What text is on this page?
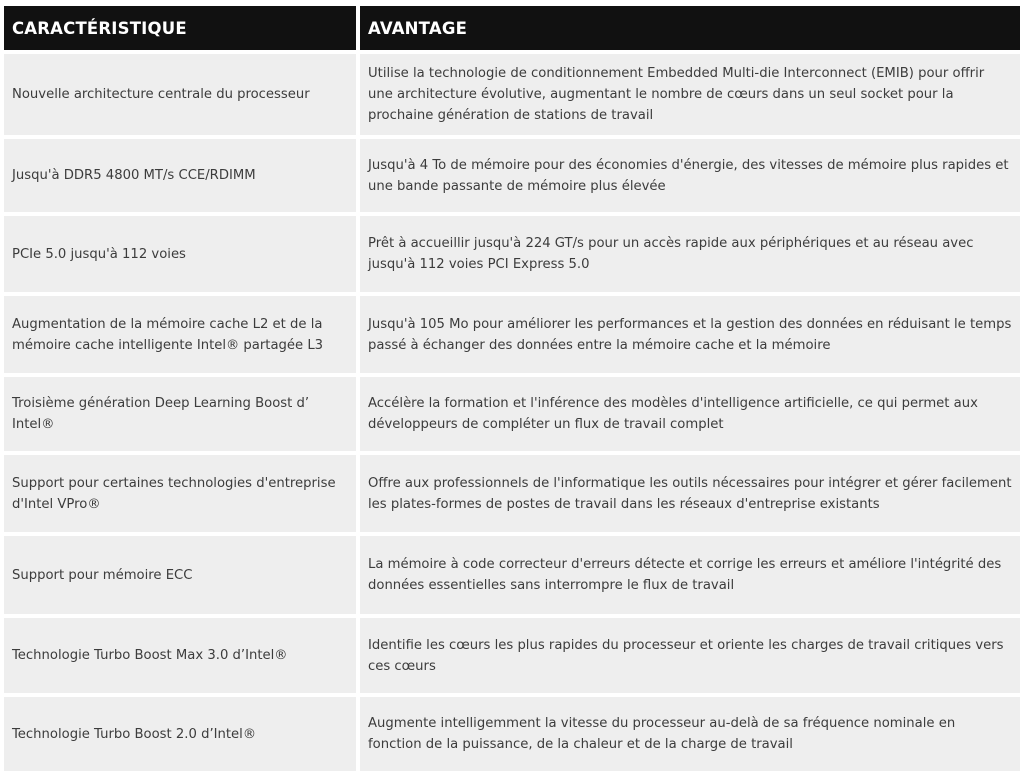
CARACTÉRISTIQUE	AVANTAGE

Nouvelle architecture centrale du processeur	Utilise la technologie de conditionnement Embedded Multi-die Interconnect (EMIB) pour offrir une architecture évolutive, augmentant le nombre de cœurs dans un seul socket pour la prochaine génération de stations de travail

Jusqu'à DDR5 4800 MT/s CCE/RDIMM	Jusqu'à 4 To de mémoire pour des économies d'énergie, des vitesses de mémoire plus rapides et une bande passante de mémoire plus élevée

PCIe 5.0 jusqu'à 112 voies	Prêt à accueillir jusqu'à 224 GT/s pour un accès rapide aux périphériques et au réseau avec jusqu'à 112 voies PCI Express 5.0

Augmentation de la mémoire cache L2 et de la mémoire cache intelligente Intel® partagée L3	Jusqu'à 105 Mo pour améliorer les performances et la gestion des données en réduisant le temps passé à échanger des données entre la mémoire cache et la mémoire

Troisième génération Deep Learning Boost d’ Intel®	Accélère la formation et l'inférence des modèles d'intelligence artificielle, ce qui permet aux développeurs de compléter un flux de travail complet

Support pour certaines technologies d'entreprise d'Intel VPro®	Offre aux professionnels de l'informatique les outils nécessaires pour intégrer et gérer facilement les plates-formes de postes de travail dans les réseaux d'entreprise existants

Support pour mémoire ECC	La mémoire à code correcteur d'erreurs détecte et corrige les erreurs et améliore l'intégrité des données essentielles sans interrompre le flux de travail

Technologie Turbo Boost Max 3.0 d’Intel®	Identifie les cœurs les plus rapides du processeur et oriente les charges de travail critiques vers ces cœurs

Technologie Turbo Boost 2.0 d’Intel®	Augmente intelligemment la vitesse du processeur au-delà de sa fréquence nominale en fonction de la puissance, de la chaleur et de la charge de travail
